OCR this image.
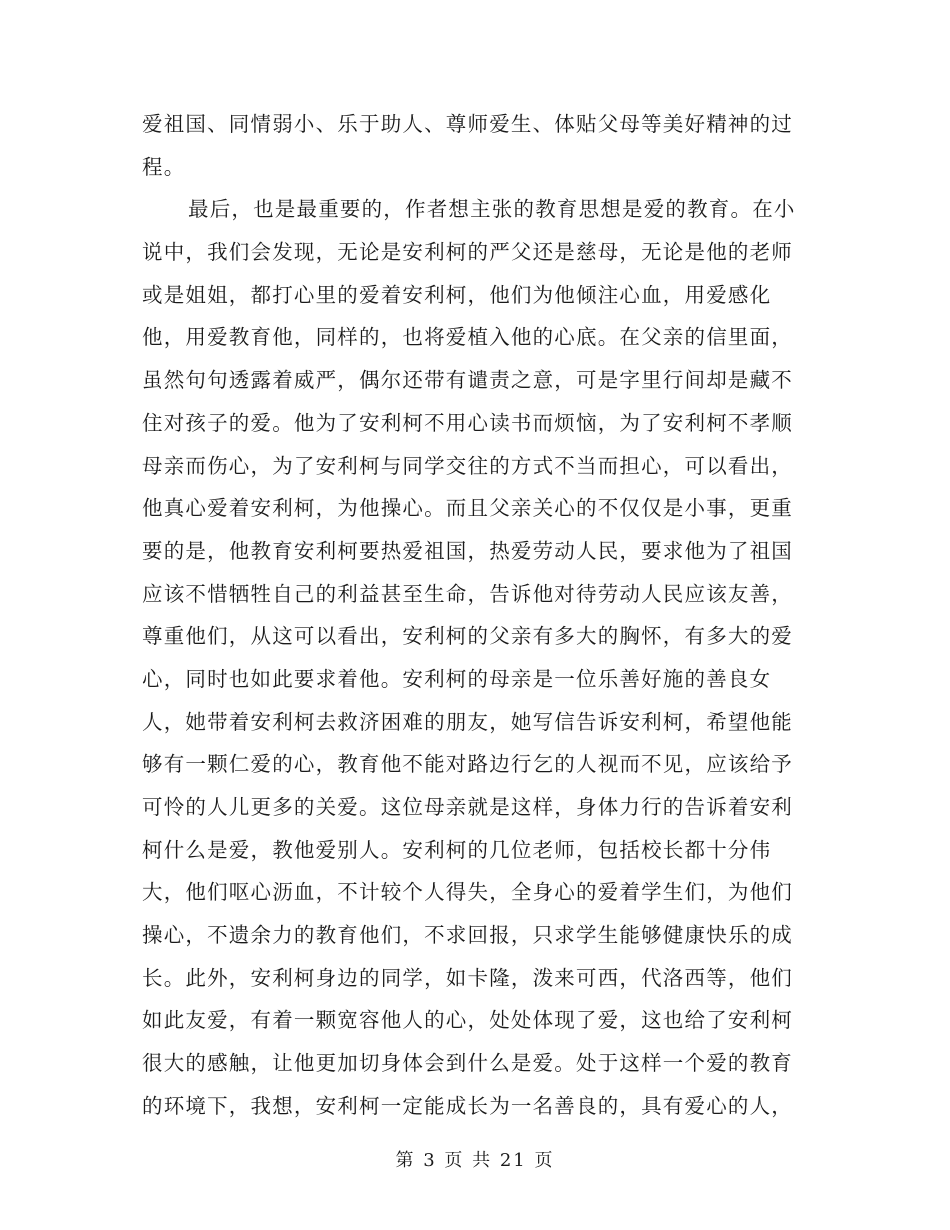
爱祖国、同情弱小、乐于助人、尊师爱生、体贴父母等美好精神的过
程。
最后，也是最重要的，作者想主张的教育思想是爱的教育。在小
说中，我们会发现，无论是安利柯的严父还是慈母，无论是他的老师
或是姐姐，都打心里的爱着安利柯，他们为他倾注心血，用爱感化
他，用爱教育他，同样的，也将爱植入他的心底。在父亲的信里面，
虽然句句透露着威严，偶尔还带有谴责之意，可是字里行间却是藏不
住对孩子的爱。他为了安利柯不用心读书而烦恼，为了安利柯不孝顺
母亲而伤心，为了安利柯与同学交往的方式不当而担心，可以看出，
他真心爱着安利柯，为他操心。而且父亲关心的不仅仅是小事，更重
要的是，他教育安利柯要热爱祖国，热爱劳动人民，要求他为了祖国
应该不惜牺牲自己的利益甚至生命，告诉他对待劳动人民应该友善，
尊重他们，从这可以看出，安利柯的父亲有多大的胸怀，有多大的爱
心，同时也如此要求着他。安利柯的母亲是一位乐善好施的善良女
人，她带着安利柯去救济困难的朋友，她写信告诉安利柯，希望他能
够有一颗仁爱的心，教育他不能对路边行乞的人视而不见，应该给予
可怜的人儿更多的关爱。这位母亲就是这样，身体力行的告诉着安利
柯什么是爱，教他爱别人。安利柯的几位老师，包括校长都十分伟
大，他们呕心沥血，不计较个人得失，全身心的爱着学生们，为他们
操心，不遗余力的教育他们，不求回报，只求学生能够健康快乐的成
长。此外，安利柯身边的同学，如卡隆，泼来可西，代洛西等，他们
如此友爱，有着一颗宽容他人的心，处处体现了爱，这也给了安利柯
很大的感触，让他更加切身体会到什么是爱。处于这样一个爱的教育
的环境下，我想，安利柯一定能成长为一名善良的，具有爱心的人，
第 3 页 共 21 页
